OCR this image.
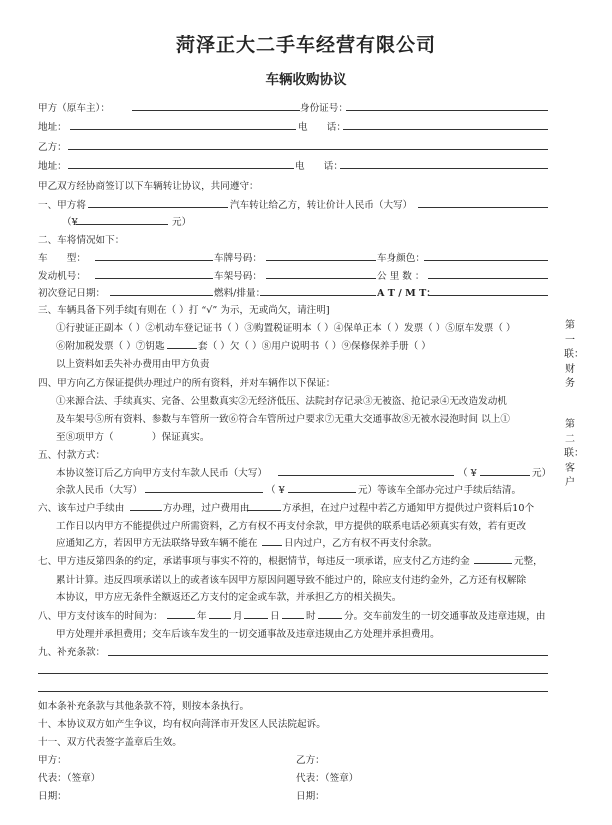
菏泽正大二手车经营有限公司
车辆收购协议
甲方（原车主）：	身份证号：
地址：	电　　话：
乙方：
地址：	电　　话：
甲乙双方经协商签订以下车辆转让协议，共同遵守：
一、甲方将	汽车转让给乙方，转让价计人民币（大写）
（¥	元）
二、车将情况如下：
车　　型：	车牌号码：	车身颜色：
发动机号：	车架号码：	公 里 数 ：
初次登记日期：	燃料/排量：	A T / M T：
三、车辆具备下列手续[有则在（ ）打 “√” 为示，无或尚欠，请注明]
①行驶证正副本（ ）②机动车登记证书（ ）③购置税证明本（ ）④保单正本（ ）发票（ ）⑤原车发票（ ）
⑥附加税发票（ ）⑦钥匙	套（ ）欠（ ）⑧用户说明书（ ）⑨保修保养手册（ ）
以上资料如丢失补办费用由甲方负责
四、甲方向乙方保证提供办理过户的所有资料，并对车辆作以下保证：
①来源合法、手续真实、完备、公里数真实②无经济低压、法院封存记录③无被盗、抢记录④无改造发动机
及车架号⑤所有资料、参数与车管所一致⑥符合车管所过户要求⑦无重大交通事故⑧无被水浸泡时间 以上①
至⑧项甲方（　　　　）保证真实。
五、付款方式：
本协议签订后乙方向甲方支付车款人民币（大写）	（ ¥	元）
余款人民币（大写）	（ ¥	元）等该车全部办完过户手续后结清。
六、该车过户手续由	方办理，过户费用由	方承担，在过户过程中若乙方通知甲方提供过户资料后10个
工作日以内甲方不能提供过户所需资料，乙方有权不再支付余款，甲方提供的联系电话必须真实有效，若有更改
应通知乙方，若因甲方无法联络导致车辆不能在	日内过户，乙方有权不再支付余款。
七、甲方违反第四条的约定，承诺事项与事实不符的，根据情节，每违反一项承诺，应支付乙方违约金	元整，
累计计算。违反四项承诺以上的或者该车因甲方原因问题导致不能过户的，除应支付违约金外，乙方还有权解除
本协议，甲方应无条件全额返还乙方支付的定金或车款，并承担乙方的相关损失。
八、甲方支付该车的时间为：	年	月	日	时	分。交车前发生的一切交通事故及违章违规，由
甲方处理并承担费用；交车后该车发生的一切交通事故及违章违规由乙方处理并承担费用。
九、补充条款：
如本条补充条款与其他条款不符，则按本条执行。
十、本协议双方如产生争议，均有权向菏泽市开发区人民法院起诉。
十一、双方代表签字盖章后生效。
甲方：
代表：（签章）
日期：
乙方：
代表：（签章）
日期：
第一联：财务
第二联：客户
